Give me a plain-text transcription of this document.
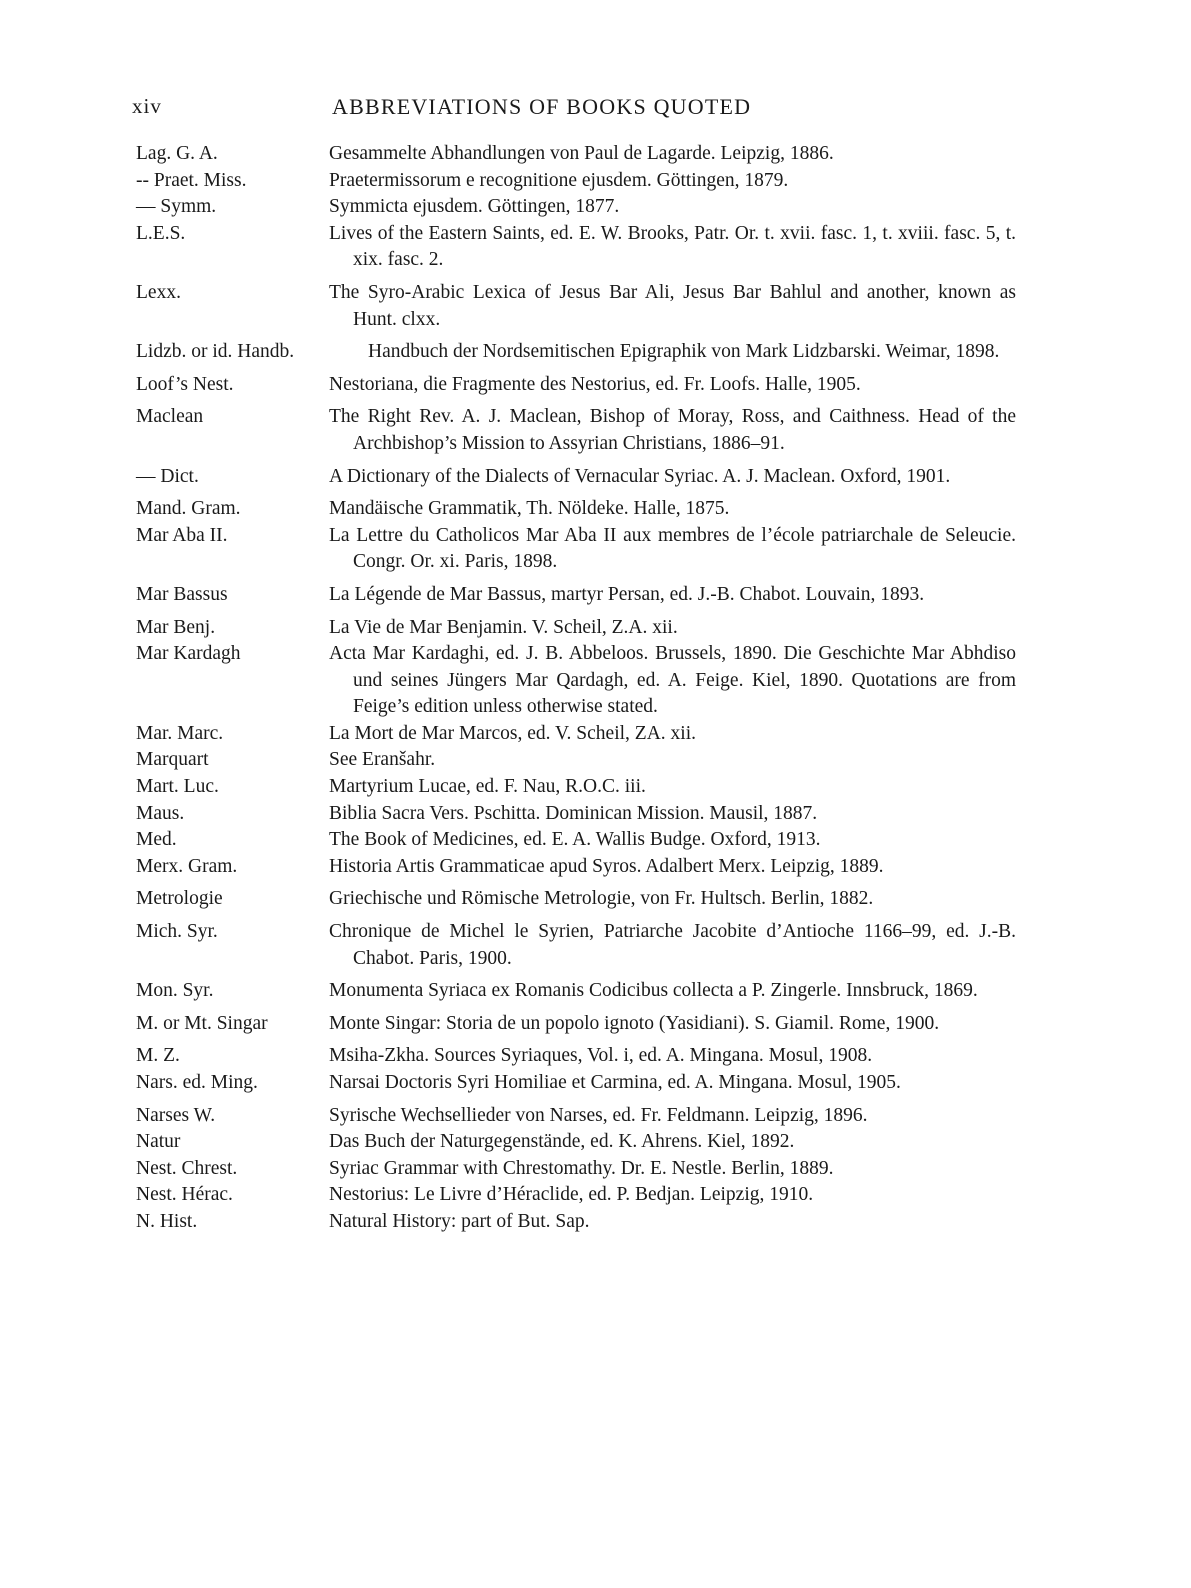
xiv	ABBREVIATIONS OF BOOKS QUOTED
Lag. G. A.	Gesammelte Abhandlungen von Paul de Lagarde. Leipzig, 1886.
-- Praet. Miss.	Praetermissorum e recognitione ejusdem. Göttingen, 1879.
— Symm.	Symmicta ejusdem. Göttingen, 1877.
L.E.S.	Lives of the Eastern Saints, ed. E. W. Brooks, Patr. Or. t. xvii. fasc. 1, t. xviii. fasc. 5, t. xix. fasc. 2.
Lexx.	The Syro-Arabic Lexica of Jesus Bar Ali, Jesus Bar Bahlul and another, known as Hunt. clxx.
Lidzb. or id. Handb.	Handbuch der Nordsemitischen Epigraphik von Mark Lidzbarski. Weimar, 1898.
Loof’s Nest.	Nestoriana, die Fragmente des Nestorius, ed. Fr. Loofs. Halle, 1905.
Maclean	The Right Rev. A. J. Maclean, Bishop of Moray, Ross, and Caithness. Head of the Archbishop’s Mission to Assyrian Christians, 1886–91.
— Dict.	A Dictionary of the Dialects of Vernacular Syriac. A. J. Maclean. Oxford, 1901.
Mand. Gram.	Mandäische Grammatik, Th. Nöldeke. Halle, 1875.
Mar Aba II.	La Lettre du Catholicos Mar Aba II aux membres de l’école patriarchale de Seleucie. Congr. Or. xi. Paris, 1898.
Mar Bassus	La Légende de Mar Bassus, martyr Persan, ed. J.-B. Chabot. Louvain, 1893.
Mar Benj.	La Vie de Mar Benjamin. V. Scheil, Z.A. xii.
Mar Kardagh	Acta Mar Kardaghi, ed. J. B. Abbeloos. Brussels, 1890. Die Geschichte Mar Abhdiso und seines Jüngers Mar Qardagh, ed. A. Feige. Kiel, 1890. Quotations are from Feige’s edition unless otherwise stated.
Mar. Marc.	La Mort de Mar Marcos, ed. V. Scheil, ZA. xii.
Marquart	See Eranšahr.
Mart. Luc.	Martyrium Lucae, ed. F. Nau, R.O.C. iii.
Maus.	Biblia Sacra Vers. Pschitta. Dominican Mission. Mausil, 1887.
Med.	The Book of Medicines, ed. E. A. Wallis Budge. Oxford, 1913.
Merx. Gram.	Historia Artis Grammaticae apud Syros. Adalbert Merx. Leipzig, 1889.
Metrologie	Griechische und Römische Metrologie, von Fr. Hultsch. Berlin, 1882.
Mich. Syr.	Chronique de Michel le Syrien, Patriarche Jacobite d’Antioche 1166–99, ed. J.-B. Chabot. Paris, 1900.
Mon. Syr.	Monumenta Syriaca ex Romanis Codicibus collecta a P. Zingerle. Innsbruck, 1869.
M. or Mt. Singar	Monte Singar: Storia de un popolo ignoto (Yasidiani). S. Giamil. Rome, 1900.
M. Z.	Msiha-Zkha. Sources Syriaques, Vol. i, ed. A. Mingana. Mosul, 1908.
Nars. ed. Ming.	Narsai Doctoris Syri Homiliae et Carmina, ed. A. Mingana. Mosul, 1905.
Narses W.	Syrische Wechsellieder von Narses, ed. Fr. Feldmann. Leipzig, 1896.
Natur	Das Buch der Naturgegenstände, ed. K. Ahrens. Kiel, 1892.
Nest. Chrest.	Syriac Grammar with Chrestomathy. Dr. E. Nestle. Berlin, 1889.
Nest. Hérac.	Nestorius: Le Livre d’Héraclide, ed. P. Bedjan. Leipzig, 1910.
N. Hist.	Natural History: part of But. Sap.
